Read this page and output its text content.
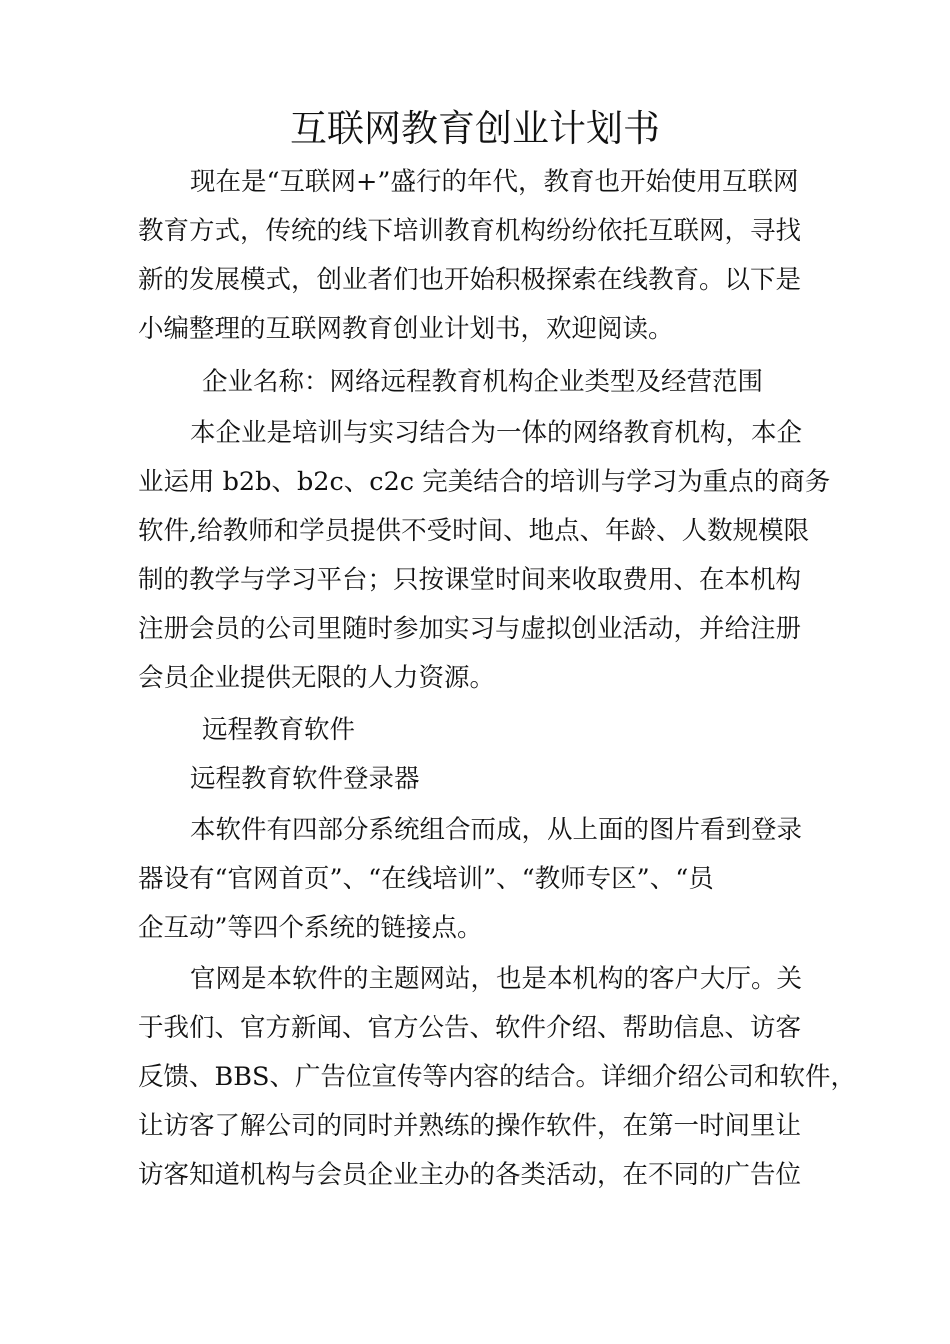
互联网教育创业计划书
现在是“互联网+”盛行的年代，教育也开始使用互联网
教育方式，传统的线下培训教育机构纷纷依托互联网，寻找
新的发展模式，创业者们也开始积极探索在线教育。以下是
小编整理的互联网教育创业计划书，欢迎阅读。
企业名称：网络远程教育机构企业类型及经营范围
本企业是培训与实习结合为一体的网络教育机构，本企
业运用 b2b、b2c、c2c 完美结合的培训与学习为重点的商务
软件,给教师和学员提供不受时间、地点、年龄、人数规模限
制的教学与学习平台；只按课堂时间来收取费用、在本机构
注册会员的公司里随时参加实习与虚拟创业活动，并给注册
会员企业提供无限的人力资源。
远程教育软件
远程教育软件登录器
本软件有四部分系统组合而成，从上面的图片看到登录
器设有“官网首页”、“在线培训”、“教师专区”、“员
企互动”等四个系统的链接点。
官网是本软件的主题网站，也是本机构的客户大厅。关
于我们、官方新闻、官方公告、软件介绍、帮助信息、访客
反馈、BBS、广告位宣传等内容的结合。详细介绍公司和软件，
让访客了解公司的同时并熟练的操作软件，在第一时间里让
访客知道机构与会员企业主办的各类活动，在不同的广告位
